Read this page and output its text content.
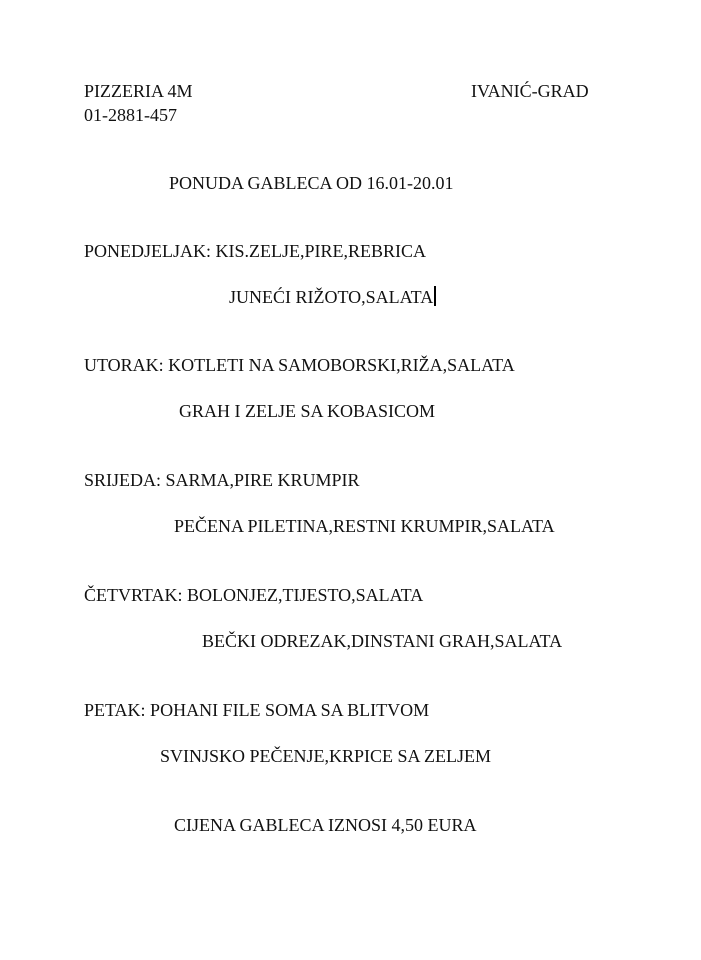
PIZZERIA 4M	IVANIĆ-GRAD
01-2881-457
PONUDA GABLECA OD 16.01-20.01
PONEDJELJAK: KIS.ZELJE,PIRE,REBRICA
JUNEĆI RIŽOTO,SALATA
UTORAK: KOTLETI NA SAMOBORSKI,RIŽA,SALATA
GRAH I ZELJE SA KOBASICOM
SRIJEDA: SARMA,PIRE KRUMPIR
PEČENA PILETINA,RESTNI KRUMPIR,SALATA
ČETVRTAK: BOLONJEZ,TIJESTO,SALATA
BEČKI ODREZAK,DINSTANI GRAH,SALATA
PETAK: POHANI FILE SOMA SA BLITVOM
SVINJSKO PEČENJE,KRPICE SA ZELJEM
CIJENA GABLECA IZNOSI 4,50 EURA
